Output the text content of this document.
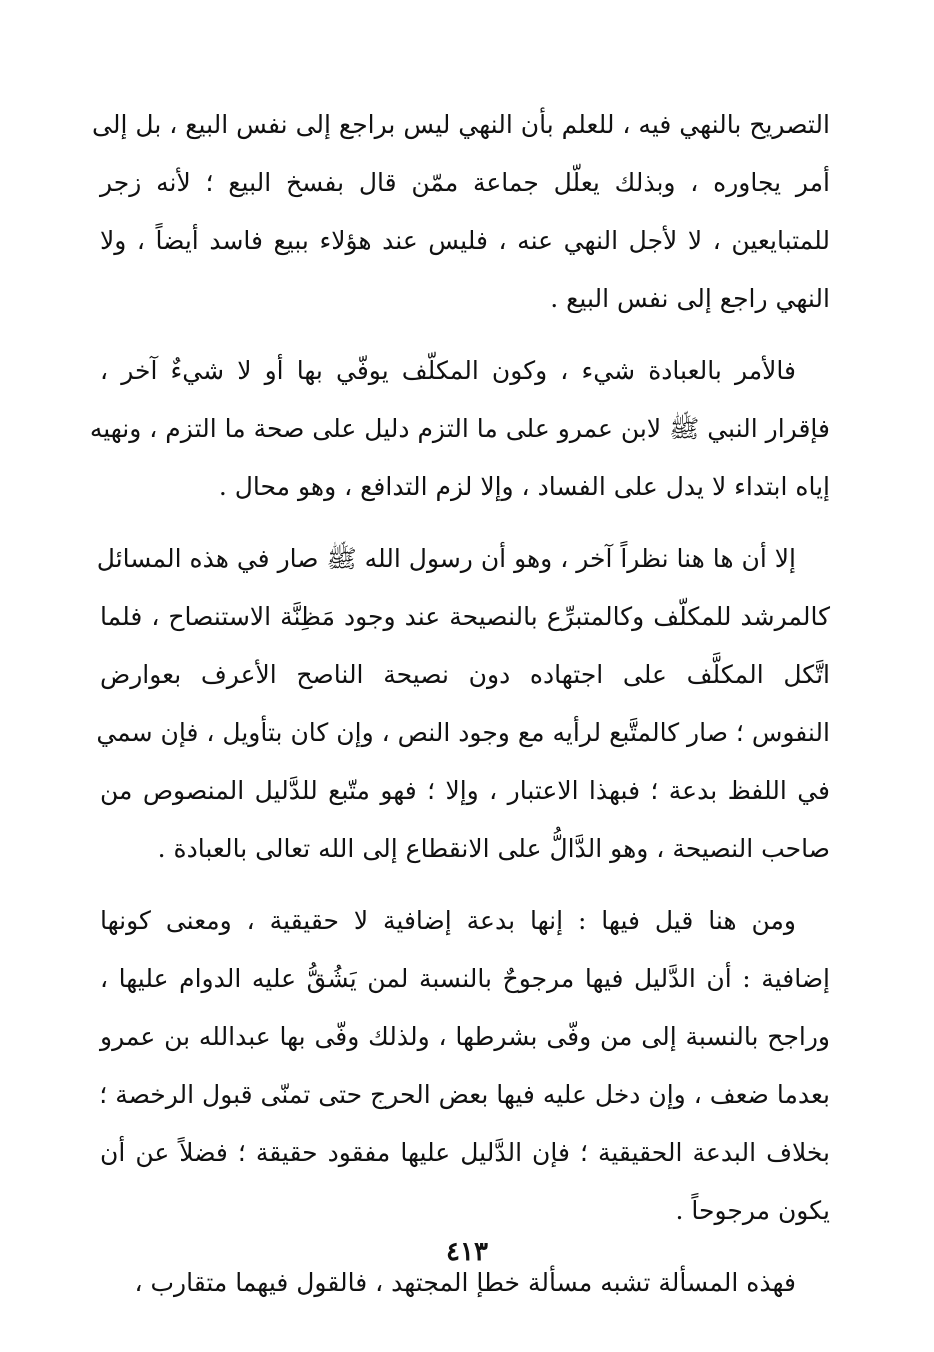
التصريح بالنهي فيه ، للعلم بأن النهي ليس براجع إلى نفس البيع ، بل إلى
أمر يجاوره ، وبذلك يعلّل جماعة ممّن قال بفسخ البيع ؛ لأنه زجر
للمتبايعين ، لا لأجل النهي عنه ، فليس عند هؤلاء ببيع فاسد أيضاً ، ولا
النهي راجع إلى نفس البيع .

فالأمر بالعبادة شيء ، وكون المكلّف يوفّي بها أو لا شيءٌ آخر ،
فإقرار النبي ﷺ لابن عمرو على ما التزم دليل على صحة ما التزم ، ونهيه
إياه ابتداء لا يدل على الفساد ، وإلا لزم التدافع ، وهو محال .

إلا أن ها هنا نظراً آخر ، وهو أن رسول الله ﷺ صار في هذه المسائل
كالمرشد للمكلّف وكالمتبرِّع بالنصيحة عند وجود مَظِنَّة الاستنصاح ، فلما
اتَّكل المكلَّف على اجتهاده دون نصيحة الناصح الأعرف بعوارض
النفوس ؛ صار كالمتَّبع لرأيه مع وجود النص ، وإن كان بتأويل ، فإن سمي
في اللفظ بدعة ؛ فبهذا الاعتبار ، وإلا ؛ فهو متّبع للدَّليل المنصوص من
صاحب النصيحة ، وهو الدَّالُّ على الانقطاع إلى الله تعالى بالعبادة .

ومن هنا قيل فيها : إنها بدعة إضافية لا حقيقية ، ومعنى كونها
إضافية : أن الدَّليل فيها مرجوحٌ بالنسبة لمن يَشُقُّ عليه الدوام عليها ،
وراجح بالنسبة إلى من وفّى بشرطها ، ولذلك وفّى بها عبدالله بن عمرو
بعدما ضعف ، وإن دخل عليه فيها بعض الحرج حتى تمنّى قبول الرخصة ؛
بخلاف البدعة الحقيقية ؛ فإن الدَّليل عليها مفقود حقيقة ؛ فضلاً عن أن
يكون مرجوحاً .

فهذه المسألة تشبه مسألة خطإ المجتهد ، فالقول فيهما متقارب ،

٤١٣
